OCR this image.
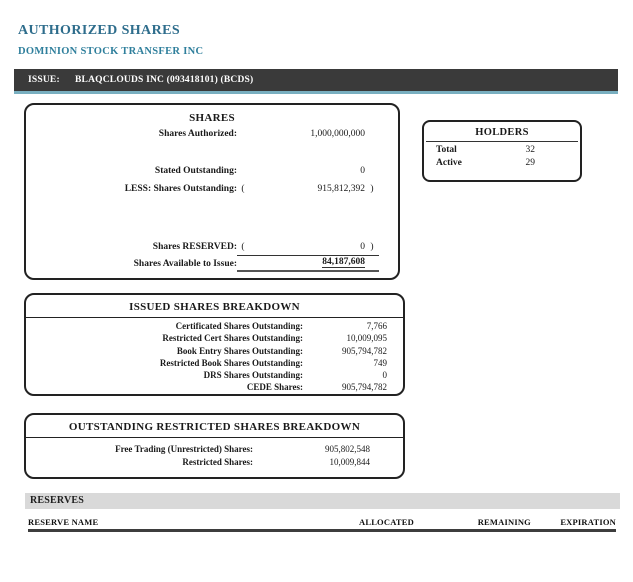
AUTHORIZED SHARES
DOMINION STOCK TRANSFER INC
ISSUE:	BLAQCLOUDS INC (093418101) (BCDS)
SHARES
Shares Authorized:	1,000,000,000
Stated Outstanding:	0
LESS: Shares Outstanding: (	915,812,392 )
Shares RESERVED: (	0 )
Shares Available to Issue:	84,187,608
HOLDERS
Total	32
Active	29
ISSUED SHARES BREAKDOWN
Certificated Shares Outstanding:	7,766
Restricted Cert Shares Outstanding:	10,009,095
Book Entry Shares Outstanding:	905,794,782
Restricted Book Shares Outstanding:	749
DRS Shares Outstanding:	0
CEDE Shares:	905,794,782
OUTSTANDING RESTRICTED SHARES BREAKDOWN
Free Trading (Unrestricted) Shares:	905,802,548
Restricted Shares:	10,009,844
RESERVES
RESERVE NAME	ALLOCATED	REMAINING	EXPIRATION
